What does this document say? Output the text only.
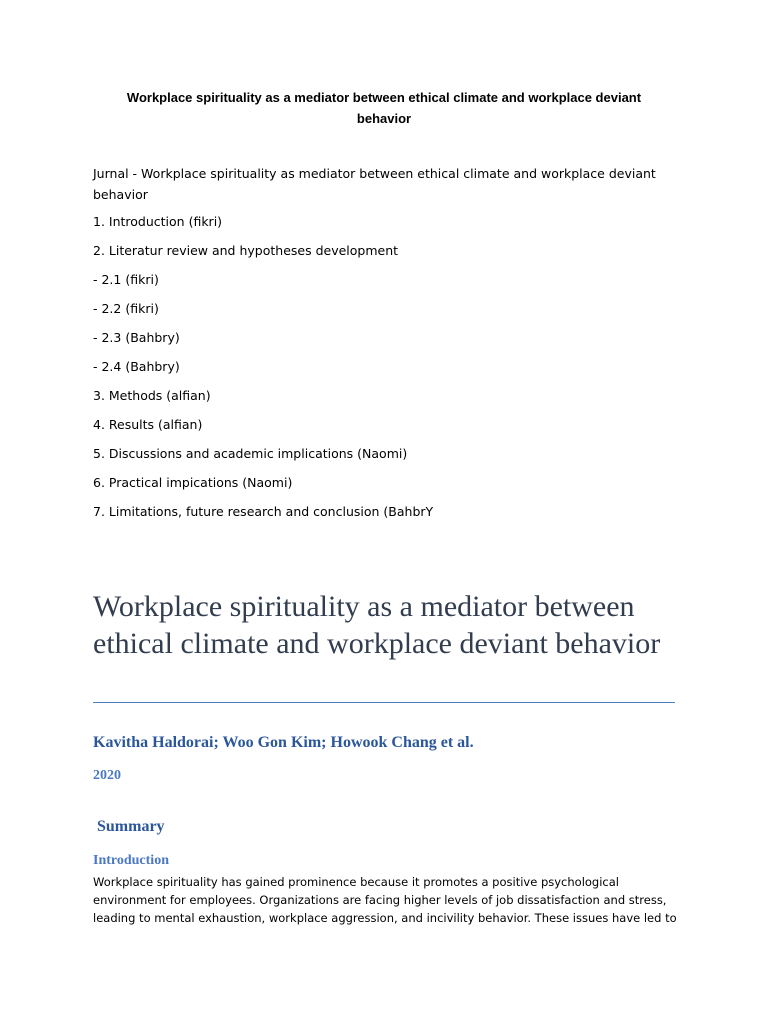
Workplace spirituality as a mediator between ethical climate and workplace deviant behavior

Jurnal - Workplace spirituality as mediator between ethical climate and workplace deviant behavior

1. Introduction (fikri)
2. Literatur review and hypotheses development
- 2.1 (fikri)
- 2.2 (fikri)
- 2.3 (Bahbry)
- 2.4 (Bahbry)
3. Methods (alfian)
4. Results (alfian)
5. Discussions and academic implications (Naomi)
6. Practical impications (Naomi)
7. Limitations, future research and conclusion (BahbrY
Workplace spirituality as a mediator between ethical climate and workplace deviant behavior

Kavitha Haldorai; Woo Gon Kim; Howook Chang et al.

2020

Summary
Introduction

Workplace spirituality has gained prominence because it promotes a positive psychological environment for employees. Organizations are facing higher levels of job dissatisfaction and stress, leading to mental exhaustion, workplace aggression, and incivility behavior. These issues have led to
